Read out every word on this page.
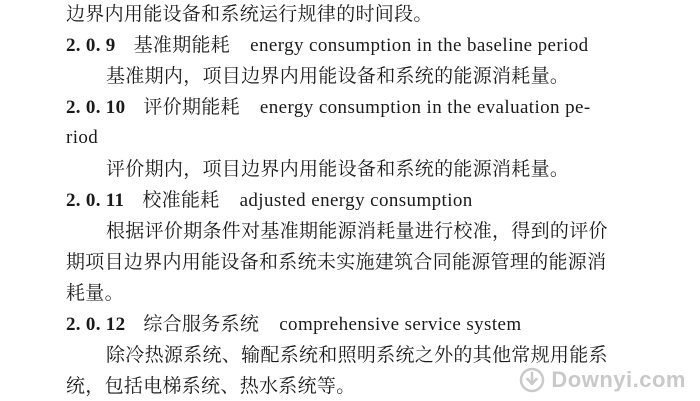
边界内用能设备和系统运行规律的时间段。
2. 0. 9 基准期能耗 energy consumption in the baseline period
基准期内，项目边界内用能设备和系统的能源消耗量。
2. 0. 10 评价期能耗 energy consumption in the evaluation pe-
riod
评价期内，项目边界内用能设备和系统的能源消耗量。
2. 0. 11 校准能耗 adjusted energy consumption
根据评价期条件对基准期能源消耗量进行校准，得到的评价
期项目边界内用能设备和系统未实施建筑合同能源管理的能源消
耗量。
2. 0. 12 综合服务系统 comprehensive service system
除冷热源系统、输配系统和照明系统之外的其他常规用能系
统，包括电梯系统、热水系统等。	Downyi.com
